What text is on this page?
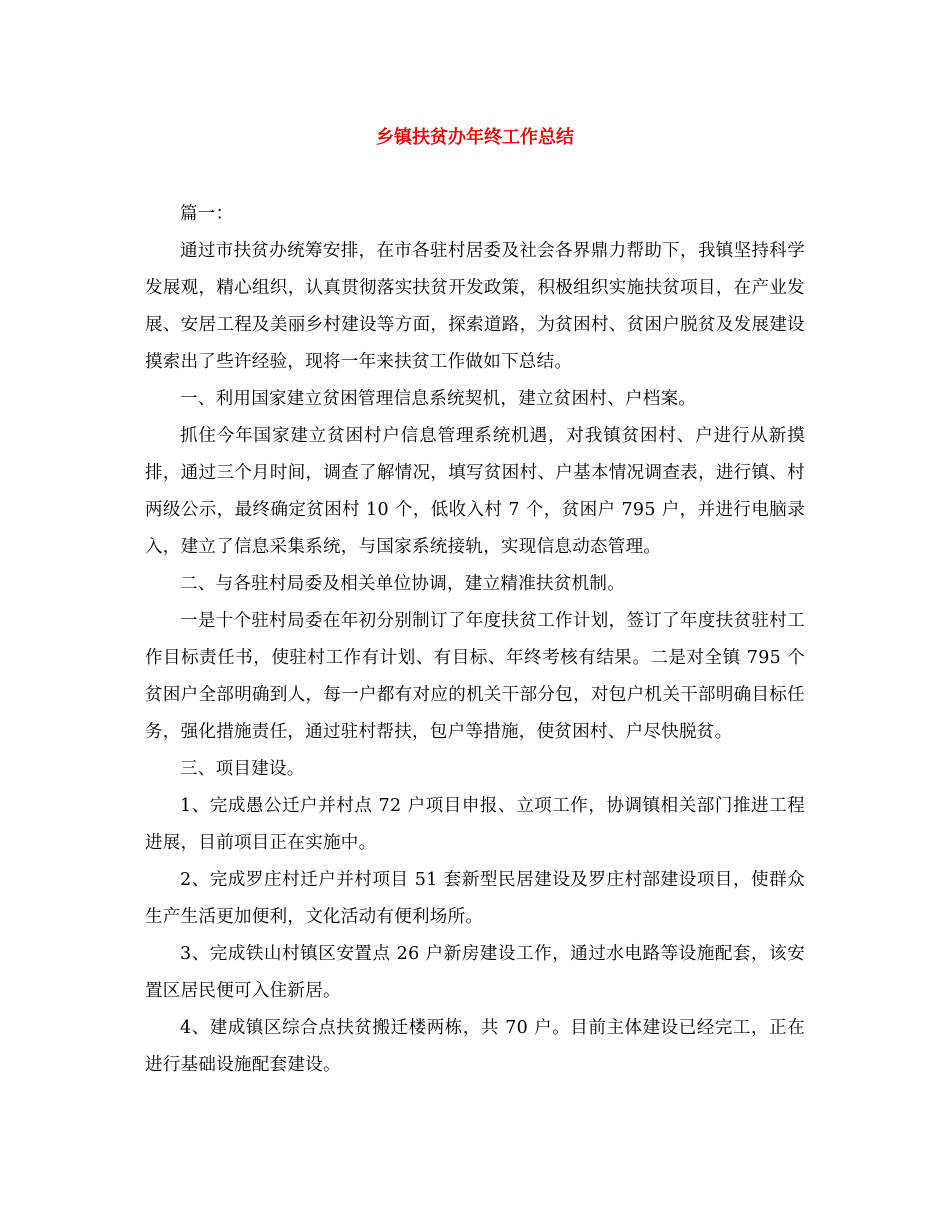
乡镇扶贫办年终工作总结

篇一：

通过市扶贫办统筹安排，在市各驻村居委及社会各界鼎力帮助下，我镇坚持科学发展观，精心组织，认真贯彻落实扶贫开发政策，积极组织实施扶贫项目，在产业发展、安居工程及美丽乡村建设等方面，探索道路，为贫困村、贫困户脱贫及发展建设摸索出了些许经验，现将一年来扶贫工作做如下总结。

一、利用国家建立贫困管理信息系统契机，建立贫困村、户档案。

抓住今年国家建立贫困村户信息管理系统机遇，对我镇贫困村、户进行从新摸排，通过三个月时间，调查了解情况，填写贫困村、户基本情况调查表，进行镇、村两级公示，最终确定贫困村 10 个，低收入村 7 个，贫困户 795 户，并进行电脑录入，建立了信息采集系统，与国家系统接轨，实现信息动态管理。

二、与各驻村局委及相关单位协调，建立精准扶贫机制。

一是十个驻村局委在年初分别制订了年度扶贫工作计划，签订了年度扶贫驻村工作目标责任书，使驻村工作有计划、有目标、年终考核有结果。二是对全镇 795 个贫困户全部明确到人，每一户都有对应的机关干部分包，对包户机关干部明确目标任务，强化措施责任，通过驻村帮扶，包户等措施，使贫困村、户尽快脱贫。

三、项目建设。

1、完成愚公迁户并村点 72 户项目申报、立项工作，协调镇相关部门推进工程进展，目前项目正在实施中。

2、完成罗庄村迁户并村项目 51 套新型民居建设及罗庄村部建设项目，使群众生产生活更加便利，文化活动有便利场所。

3、完成铁山村镇区安置点 26 户新房建设工作，通过水电路等设施配套，该安置区居民便可入住新居。

4、建成镇区综合点扶贫搬迁楼两栋，共 70 户。目前主体建设已经完工，正在进行基础设施配套建设。
